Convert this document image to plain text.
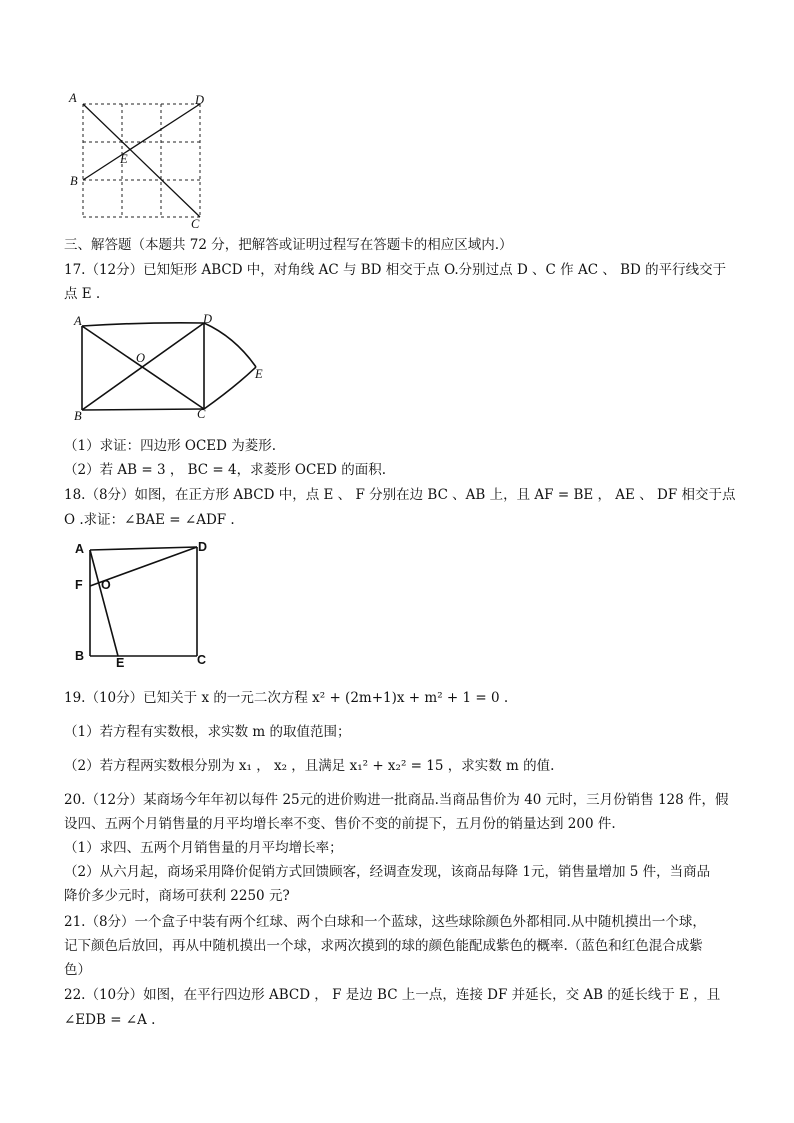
A	D
E
B
C
三、解答题（本题共 72 分，把解答或证明过程写在答题卡的相应区域内.）
17.（12分）已知矩形 ABCD 中，对角线 AC 与 BD 相交于点 O.分别过点 D 、C 作 AC 、 BD 的平行线交于
点 E .
A	D
O
E
B	C
（1）求证：四边形 OCED 为菱形.
（2）若 AB = 3 ， BC = 4，求菱形 OCED 的面积.
18.（8分）如图，在正方形 ABCD 中，点 E 、 F 分别在边 BC 、AB 上，且 AF = BE ， AE 、 DF 相交于点
O .求证：∠BAE = ∠ADF .
A	D
F O
B	E	C
19.（10分）已知关于 x 的一元二次方程 x² + (2m+1)x + m² + 1 = 0 .
（1）若方程有实数根，求实数 m 的取值范围；
（2）若方程两实数根分别为 x₁ ， x₂ ，且满足 x₁² + x₂² = 15 ，求实数 m 的值.
20.（12分）某商场今年年初以每件 25元的进价购进一批商品.当商品售价为 40 元时，三月份销售 128 件，假
设四、五两个月销售量的月平均增长率不变、售价不变的前提下，五月份的销量达到 200 件.
（1）求四、五两个月销售量的月平均增长率；
（2）从六月起，商场采用降价促销方式回馈顾客，经调查发现，该商品每降 1元，销售量增加 5 件，当商品
降价多少元时，商场可获利 2250 元?
21.（8分）一个盒子中装有两个红球、两个白球和一个蓝球，这些球除颜色外都相同.从中随机摸出一个球，
记下颜色后放回，再从中随机摸出一个球，求两次摸到的球的颜色能配成紫色的概率.（蓝色和红色混合成紫
色）
22.（10分）如图，在平行四边形 ABCD ， F 是边 BC 上一点，连接 DF 并延长，交 AB 的延长线于 E ，且
∠EDB = ∠A .
